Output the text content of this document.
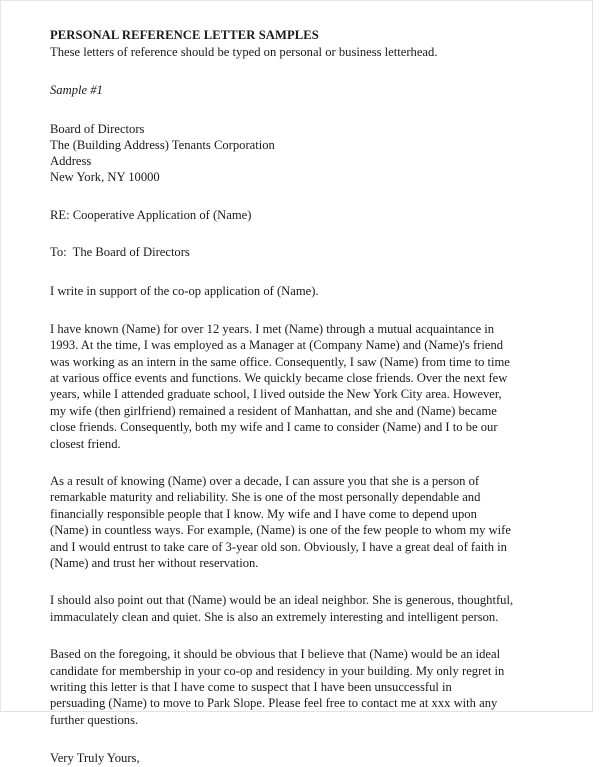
PERSONAL REFERENCE LETTER SAMPLES

These letters of reference should be typed on personal or business letterhead.

Sample #1

Board of Directors

The (Building Address) Tenants Corporation

Address

New York, NY 10000

RE: Cooperative Application of (Name)

To:  The Board of Directors

I write in support of the co-op application of (Name).
I have known (Name) for over 12 years. I met (Name) through a mutual acquaintance in
1993. At the time, I was employed as a Manager at (Company Name) and (Name)'s friend
was working as an intern in the same office. Consequently, I saw (Name) from time to time
at various office events and functions. We quickly became close friends. Over the next few
years, while I attended graduate school, I lived outside the New York City area. However,
my wife (then girlfriend) remained a resident of Manhattan, and she and (Name) became
close friends. Consequently, both my wife and I came to consider (Name) and I to be our
closest friend.
As a result of knowing (Name) over a decade, I can assure you that she is a person of
remarkable maturity and reliability. She is one of the most personally dependable and
financially responsible people that I know. My wife and I have come to depend upon
(Name) in countless ways. For example, (Name) is one of the few people to whom my wife
and I would entrust to take care of 3-year old son. Obviously, I have a great deal of faith in
(Name) and trust her without reservation.
I should also point out that (Name) would be an ideal neighbor. She is generous, thoughtful,
immaculately clean and quiet. She is also an extremely interesting and intelligent person.
Based on the foregoing, it should be obvious that I believe that (Name) would be an ideal
candidate for membership in your co-op and residency in your building. My only regret in
writing this letter is that I have come to suspect that I have been unsuccessful in
persuading (Name) to move to Park Slope. Please feel free to contact me at xxx with any
further questions.

Very Truly Yours,
